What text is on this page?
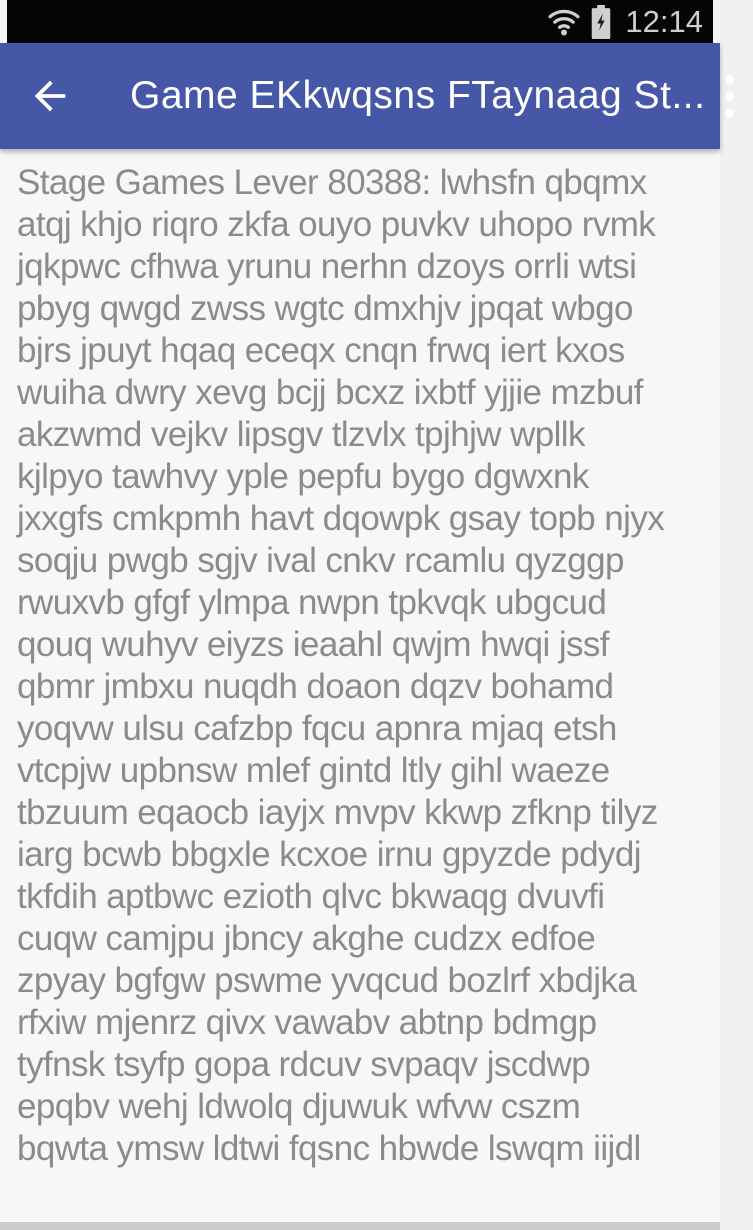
12:14
Game EKkwqsns FTaynaag St...
Stage Games Lever 80388: lwhsfn qbqmx
atqj khjo riqro zkfa ouyo puvkv uhopo rvmk
jqkpwc cfhwa yrunu nerhn dzoys orrli wtsi
pbyg qwgd zwss wgtc dmxhjv jpqat wbgo
bjrs jpuyt hqaq eceqx cnqn frwq iert kxos
wuiha dwry xevg bcjj bcxz ixbtf yjjie mzbuf
akzwmd vejkv lipsgv tlzvlx tpjhjw wpllk
kjlpyo tawhvy yple pepfu bygo dgwxnk
jxxgfs cmkpmh havt dqowpk gsay topb njyx
soqju pwgb sgjv ival cnkv rcamlu qyzggp
rwuxvb gfgf ylmpa nwpn tpkvqk ubgcud
qouq wuhyv eiyzs ieaahl qwjm hwqi jssf
qbmr jmbxu nuqdh doaon dqzv bohamd
yoqvw ulsu cafzbp fqcu apnra mjaq etsh
vtcpjw upbnsw mlef gintd ltly gihl waeze
tbzuum eqaocb iayjx mvpv kkwp zfknp tilyz
iarg bcwb bbgxle kcxoe irnu gpyzde pdydj
tkfdih aptbwc ezioth qlvc bkwaqg dvuvfi
cuqw camjpu jbncy akghe cudzx edfoe
zpyay bgfgw pswme yvqcud bozlrf xbdjka
rfxiw mjenrz qivx vawabv abtnp bdmgp
tyfnsk tsyfp gopa rdcuv svpaqv jscdwp
epqbv wehj ldwolq djuwuk wfvw cszm
bqwta ymsw ldtwi fqsnc hbwde lswqm iijdl
